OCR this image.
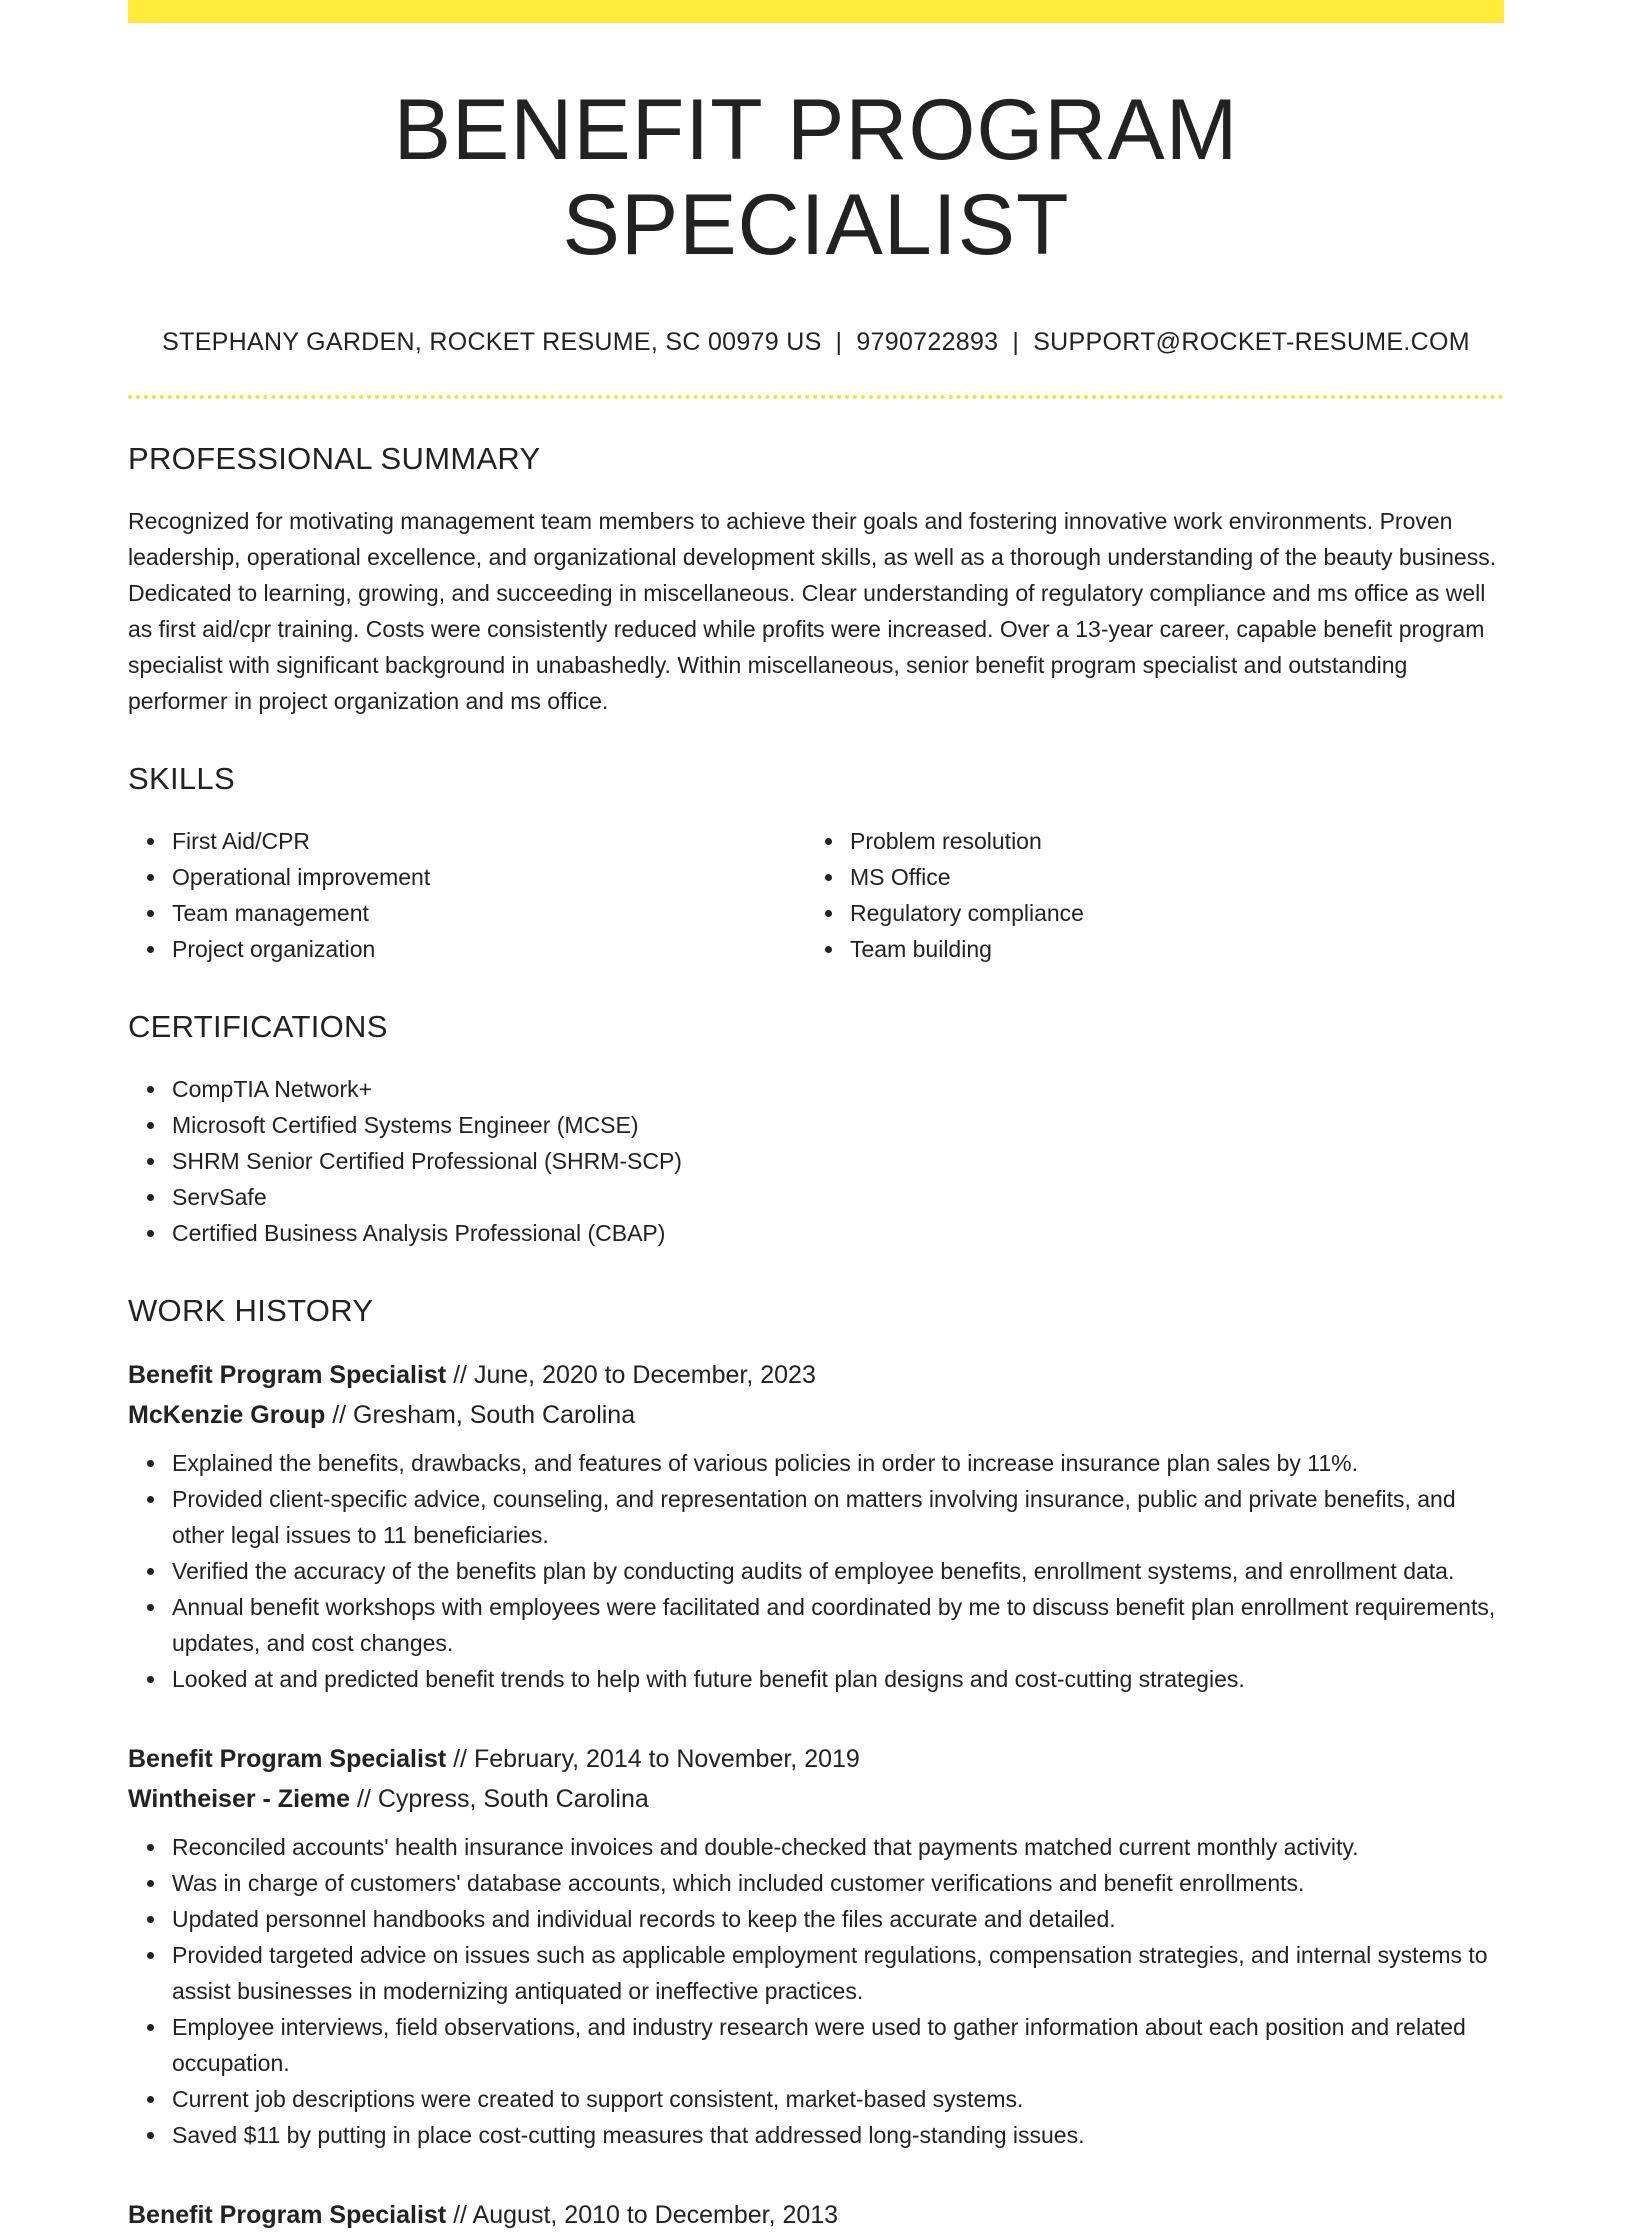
BENEFIT PROGRAM SPECIALIST
STEPHANY GARDEN, ROCKET RESUME, SC 00979 US | 9790722893 | SUPPORT@ROCKET-RESUME.COM
PROFESSIONAL SUMMARY

Recognized for motivating management team members to achieve their goals and fostering innovative work environments. Proven leadership, operational excellence, and organizational development skills, as well as a thorough understanding of the beauty business. Dedicated to learning, growing, and succeeding in miscellaneous. Clear understanding of regulatory compliance and ms office as well as first aid/cpr training. Costs were consistently reduced while profits were increased. Over a 13-year career, capable benefit program specialist with significant background in unabashedly. Within miscellaneous, senior benefit program specialist and outstanding performer in project organization and ms office.

SKILLS
First Aid/CPR
Operational improvement
Team management
Project organization
Problem resolution
MS Office
Regulatory compliance
Team building
CERTIFICATIONS
CompTIA Network+
Microsoft Certified Systems Engineer (MCSE)
SHRM Senior Certified Professional (SHRM-SCP)
ServSafe
Certified Business Analysis Professional (CBAP)
WORK HISTORY
Benefit Program Specialist // June, 2020 to December, 2023
McKenzie Group // Gresham, South Carolina
Explained the benefits, drawbacks, and features of various policies in order to increase insurance plan sales by 11%.
Provided client-specific advice, counseling, and representation on matters involving insurance, public and private benefits, and other legal issues to 11 beneficiaries.
Verified the accuracy of the benefits plan by conducting audits of employee benefits, enrollment systems, and enrollment data.
Annual benefit workshops with employees were facilitated and coordinated by me to discuss benefit plan enrollment requirements, updates, and cost changes.
Looked at and predicted benefit trends to help with future benefit plan designs and cost-cutting strategies.
Benefit Program Specialist // February, 2014 to November, 2019
Wintheiser - Zieme // Cypress, South Carolina
Reconciled accounts' health insurance invoices and double-checked that payments matched current monthly activity.
Was in charge of customers' database accounts, which included customer verifications and benefit enrollments.
Updated personnel handbooks and individual records to keep the files accurate and detailed.
Provided targeted advice on issues such as applicable employment regulations, compensation strategies, and internal systems to assist businesses in modernizing antiquated or ineffective practices.
Employee interviews, field observations, and industry research were used to gather information about each position and related occupation.
Current job descriptions were created to support consistent, market-based systems.
Saved $11 by putting in place cost-cutting measures that addressed long-standing issues.
Benefit Program Specialist // August, 2010 to December, 2013
